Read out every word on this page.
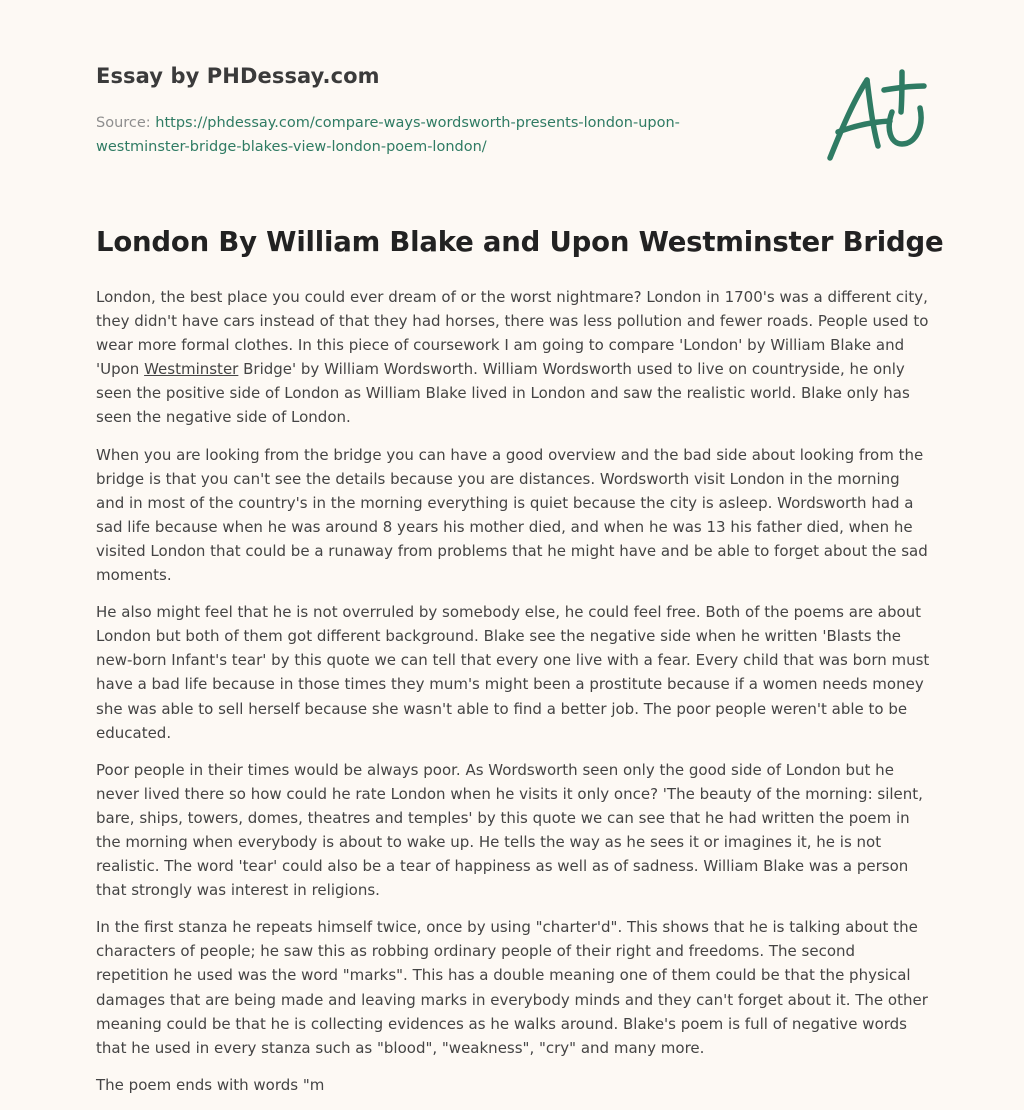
Essay by PHDessay.com
Source: https://phdessay.com/compare-ways-wordsworth-presents-london-upon-westminster-bridge-blakes-view-london-poem-london/
London By William Blake and Upon Westminster Bridge

London, the best place you could ever dream of or the worst nightmare? London in 1700's was a different city, they didn't have cars instead of that they had horses, there was less pollution and fewer roads. People used to wear more formal clothes. In this piece of coursework I am going to compare 'London' by William Blake and 'Upon Westminster Bridge' by William Wordsworth. William Wordsworth used to live on countryside, he only seen the positive side of London as William Blake lived in London and saw the realistic world. Blake only has seen the negative side of London.

When you are looking from the bridge you can have a good overview and the bad side about looking from the bridge is that you can't see the details because you are distances. Wordsworth visit London in the morning and in most of the country's in the morning everything is quiet because the city is asleep. Wordsworth had a sad life because when he was around 8 years his mother died, and when he was 13 his father died, when he visited London that could be a runaway from problems that he might have and be able to forget about the sad moments.

He also might feel that he is not overruled by somebody else, he could feel free. Both of the poems are about London but both of them got different background. Blake see the negative side when he written 'Blasts the new-born Infant's tear' by this quote we can tell that every one live with a fear. Every child that was born must have a bad life because in those times they mum's might been a prostitute because if a women needs money she was able to sell herself because she wasn't able to find a better job. The poor people weren't able to be educated.

Poor people in their times would be always poor. As Wordsworth seen only the good side of London but he never lived there so how could he rate London when he visits it only once? 'The beauty of the morning: silent, bare, ships, towers, domes, theatres and temples' by this quote we can see that he had written the poem in the morning when everybody is about to wake up. He tells the way as he sees it or imagines it, he is not realistic. The word 'tear' could also be a tear of happiness as well as of sadness. William Blake was a person that strongly was interest in religions.

In the first stanza he repeats himself twice, once by using "charter'd". This shows that he is talking about the characters of people; he saw this as robbing ordinary people of their right and freedoms. The second repetition he used was the word "marks". This has a double meaning one of them could be that the physical damages that are being made and leaving marks in everybody minds and they can't forget about it. The other meaning could be that he is collecting evidences as he walks around. Blake's poem is full of negative words that he used in every stanza such as "blood", "weakness", "cry" and many more.

The poem ends with words "m
